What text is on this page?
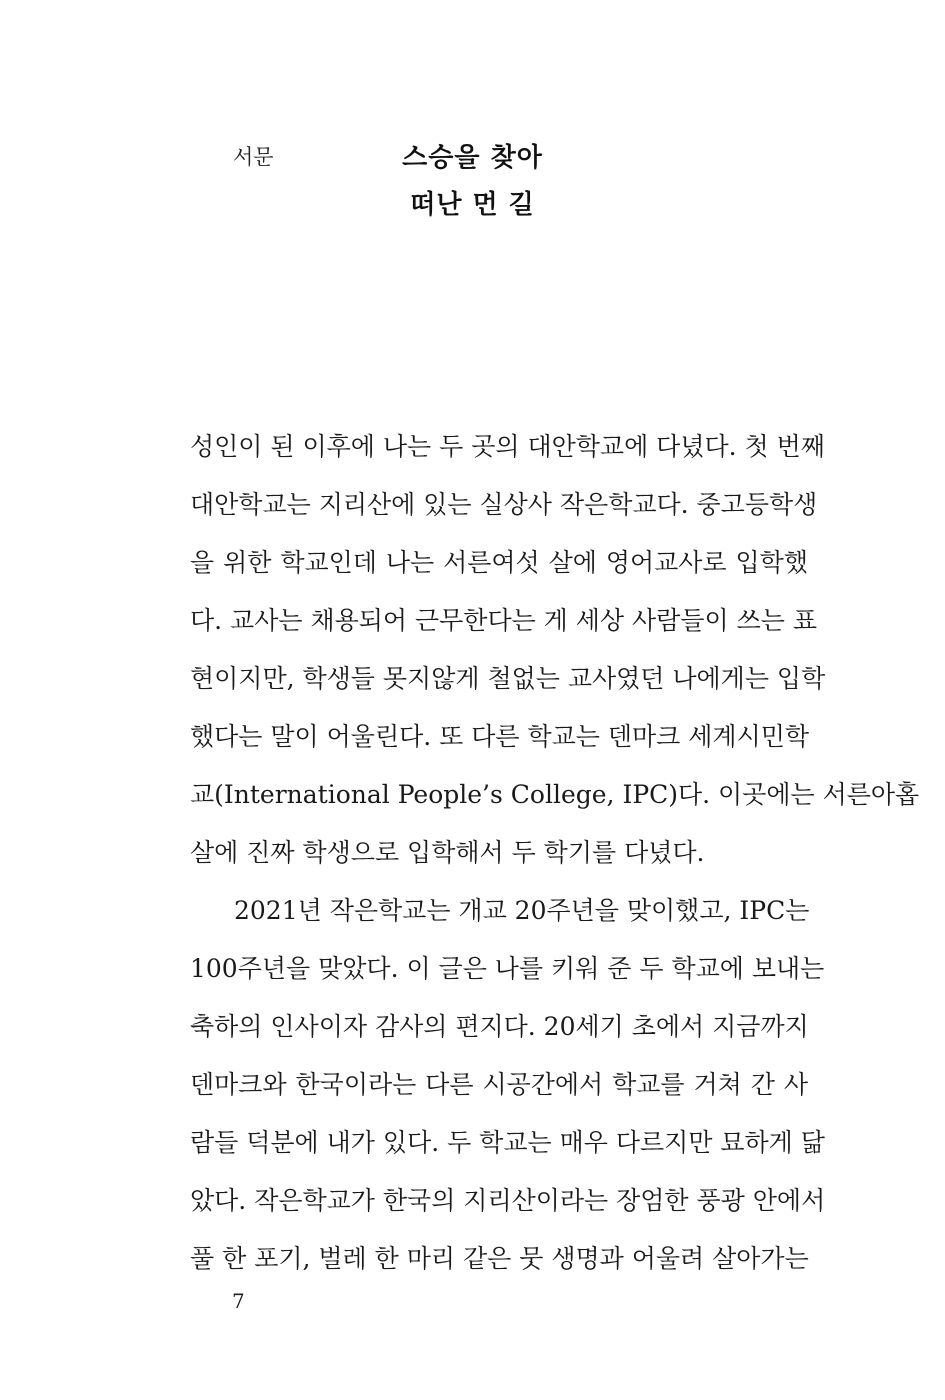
서문	스승을 찾아
떠난 먼 길
성인이 된 이후에 나는 두 곳의 대안학교에 다녔다. 첫 번째
대안학교는 지리산에 있는 실상사 작은학교다. 중고등학생
을 위한 학교인데 나는 서른여섯 살에 영어교사로 입학했
다. 교사는 채용되어 근무한다는 게 세상 사람들이 쓰는 표
현이지만, 학생들 못지않게 철없는 교사였던 나에게는 입학
했다는 말이 어울린다. 또 다른 학교는 덴마크 세계시민학
교(International People’s College, IPC)다. 이곳에는 서른아홉
살에 진짜 학생으로 입학해서 두 학기를 다녔다.
2021년 작은학교는 개교 20주년을 맞이했고, IPC는
100주년을 맞았다. 이 글은 나를 키워 준 두 학교에 보내는
축하의 인사이자 감사의 편지다. 20세기 초에서 지금까지
덴마크와 한국이라는 다른 시공간에서 학교를 거쳐 간 사
람들 덕분에 내가 있다. 두 학교는 매우 다르지만 묘하게 닮
았다. 작은학교가 한국의 지리산이라는 장엄한 풍광 안에서
풀 한 포기, 벌레 한 마리 같은 뭇 생명과 어울려 살아가는
7
